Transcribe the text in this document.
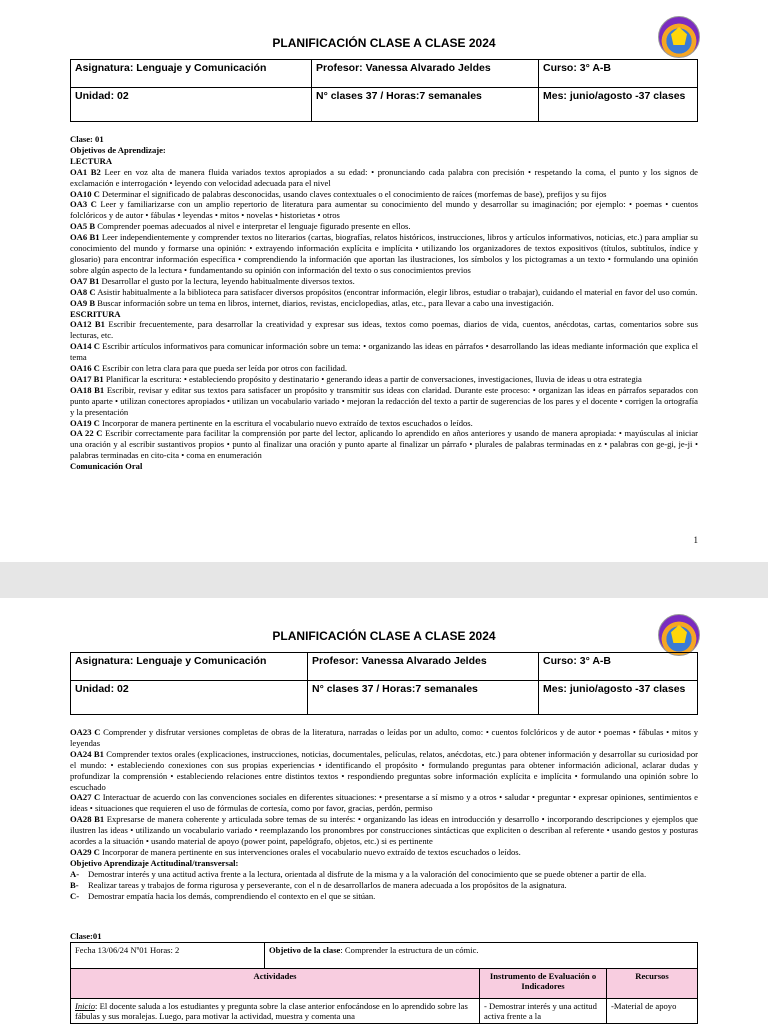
PLANIFICACIÓN CLASE A CLASE 2024
Asignatura: Lenguaje y Comunicación	Profesor: Vanessa Alvarado Jeldes	Curso: 3° A-B
Unidad: 02	N° clases 37 / Horas:7 semanales	Mes: junio/agosto -37 clases

Clase: 01

Objetivos de Aprendizaje:

LECTURA

OA1 B2 Leer en voz alta de manera fluida variados textos apropiados a su edad: • pronunciando cada palabra con precisión • respetando la coma, el punto y los signos de exclamación e interrogación • leyendo con velocidad adecuada para el nivel

OA10 C Determinar el significado de palabras desconocidas, usando claves contextuales o el conocimiento de raíces (morfemas de base), prefijos y su fijos

OA3 C Leer y familiarizarse con un amplio repertorio de literatura para aumentar su conocimiento del mundo y desarrollar su imaginación; por ejemplo: • poemas • cuentos folclóricos y de autor • fábulas • leyendas • mitos • novelas • historietas • otros

OA5 B Comprender poemas adecuados al nivel e interpretar el lenguaje figurado presente en ellos.

OA6 B1 Leer independientemente y comprender textos no literarios (cartas, biografías, relatos históricos, instrucciones, libros y artículos informativos, noticias, etc.) para ampliar su conocimiento del mundo y formarse una opinión: • extrayendo información explícita e implícita • utilizando los organizadores de textos expositivos (títulos, subtítulos, índice y glosario) para encontrar información específica • comprendiendo la información que aportan las ilustraciones, los símbolos y los pictogramas a un texto • formulando una opinión sobre algún aspecto de la lectura • fundamentando su opinión con información del texto o sus conocimientos previos

OA7 B1 Desarrollar el gusto por la lectura, leyendo habitualmente diversos textos.

OA8 C Asistir habitualmente a la biblioteca para satisfacer diversos propósitos (encontrar información, elegir libros, estudiar o trabajar), cuidando el material en favor del uso común.

OA9 B Buscar información sobre un tema en libros, internet, diarios, revistas, enciclopedias, atlas, etc., para llevar a cabo una investigación.

ESCRITURA

OA12 B1 Escribir frecuentemente, para desarrollar la creatividad y expresar sus ideas, textos como poemas, diarios de vida, cuentos, anécdotas, cartas, comentarios sobre sus lecturas, etc.

OA14 C Escribir artículos informativos para comunicar información sobre un tema: • organizando las ideas en párrafos • desarrollando las ideas mediante información que explica el tema

OA16 C Escribir con letra clara para que pueda ser leída por otros con facilidad.

OA17 B1 Planificar la escritura: • estableciendo propósito y destinatario • generando ideas a partir de conversaciones, investigaciones, lluvia de ideas u otra estrategia

OA18 B1 Escribir, revisar y editar sus textos para satisfacer un propósito y transmitir sus ideas con claridad. Durante este proceso: • organizan las ideas en párrafos separados con punto aparte • utilizan conectores apropiados • utilizan un vocabulario variado • mejoran la redacción del texto a partir de sugerencias de los pares y el docente • corrigen la ortografía y la presentación

OA19 C Incorporar de manera pertinente en la escritura el vocabulario nuevo extraído de textos escuchados o leídos.

OA 22 C Escribir correctamente para facilitar la comprensión por parte del lector, aplicando lo aprendido en años anteriores y usando de manera apropiada: • mayúsculas al iniciar una oración y al escribir sustantivos propios • punto al finalizar una oración y punto aparte al finalizar un párrafo • plurales de palabras terminadas en z • palabras con ge-gi, je-ji • palabras terminadas en cito-cita • coma en enumeración

Comunicación Oral

1
PLANIFICACIÓN CLASE A CLASE 2024
Asignatura: Lenguaje y Comunicación	Profesor: Vanessa Alvarado Jeldes	Curso: 3° A-B
Unidad: 02	N° clases 37 / Horas:7 semanales	Mes: junio/agosto -37 clases

OA23 C Comprender y disfrutar versiones completas de obras de la literatura, narradas o leídas por un adulto, como: • cuentos folclóricos y de autor • poemas • fábulas • mitos y leyendas

OA24 B1 Comprender textos orales (explicaciones, instrucciones, noticias, documentales, películas, relatos, anécdotas, etc.) para obtener información y desarrollar su curiosidad por el mundo: • estableciendo conexiones con sus propias experiencias • identificando el propósito • formulando preguntas para obtener información adicional, aclarar dudas y profundizar la comprensión • estableciendo relaciones entre distintos textos • respondiendo preguntas sobre información explícita e implícita • formulando una opinión sobre lo escuchado

OA27 C Interactuar de acuerdo con las convenciones sociales en diferentes situaciones: • presentarse a sí mismo y a otros • saludar • preguntar • expresar opiniones, sentimientos e ideas • situaciones que requieren el uso de fórmulas de cortesía, como por favor, gracias, perdón, permiso

OA28 B1 Expresarse de manera coherente y articulada sobre temas de su interés: • organizando las ideas en introducción y desarrollo • incorporando descripciones y ejemplos que ilustren las ideas • utilizando un vocabulario variado • reemplazando los pronombres por construcciones sintácticas que expliciten o describan al referente • usando gestos y posturas acordes a la situación • usando material de apoyo (power point, papelógrafo, objetos, etc.) si es pertinente

OA29 C Incorporar de manera pertinente en sus intervenciones orales el vocabulario nuevo extraído de textos escuchados o leídos.

Objetivo Aprendizaje Actitudinal/transversal:

A- Demostrar interés y una actitud activa frente a la lectura, orientada al disfrute de la misma y a la valoración del conocimiento que se puede obtener a partir de ella.
B- Realizar tareas y trabajos de forma rigurosa y perseverante, con el n de desarrollarlos de manera adecuada a los propósitos de la asignatura.
C- Demostrar empatía hacia los demás, comprendiendo el contexto en el que se sitúan.
Clase:01
Fecha 13/06/24 Nº01 Horas: 2	Objetivo de la clase: Comprender la estructura de un cómic.		
Actividades		Instrumento de Evaluación o Indicadores	Recursos
Inicio: El docente saluda a los estudiantes y pregunta sobre la clase anterior enfocándose en lo aprendido sobre las fábulas y sus moralejas. Luego, para motivar la actividad, muestra y comenta una		- Demostrar interés y una actitud activa frente a la	-Material de apoyo
